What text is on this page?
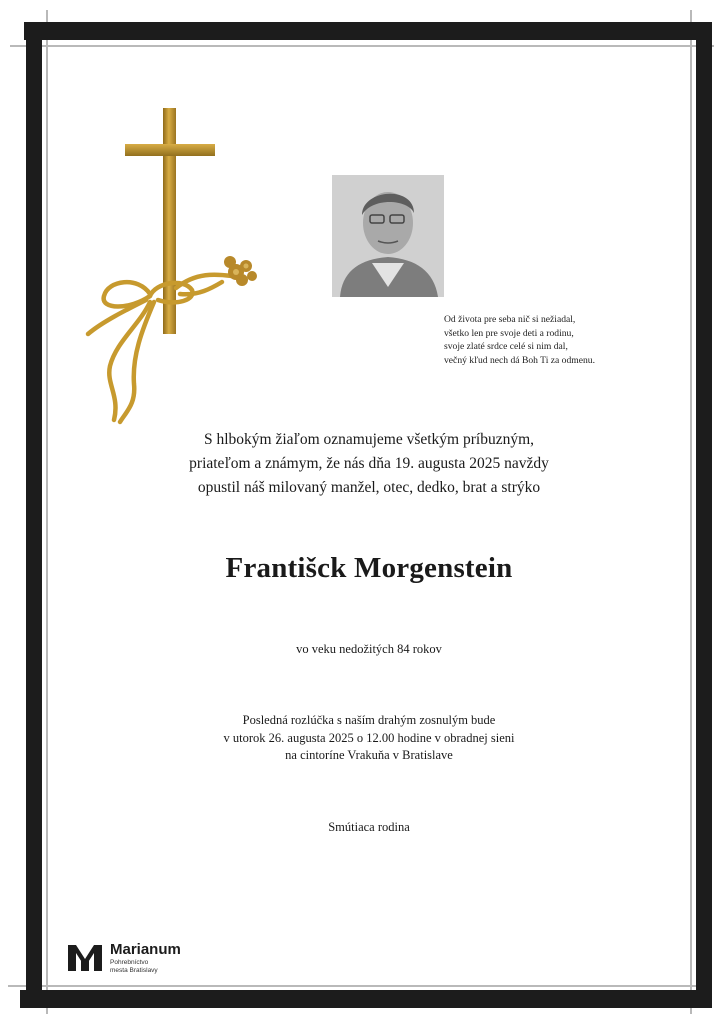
Od života pre seba nič si nežiadal,
všetko len pre svoje deti a rodinu,
svoje zlaté srdce celé si nim dal,
večný kľud nech dá Boh Ti za odmenu.
S hlbokým žiaľom oznamujeme všetkým príbuzným,
priateľom a známym, že nás dňa 19. augusta 2025 navždy
opustil náš milovaný manžel, otec, dedko, brat a strýko
Františck Morgenstein
vo veku nedožitých 84 rokov
Posledná rozlúčka s naším drahým zosnulým bude
v utorok 26. augusta 2025 o 12.00 hodine v obradnej sieni
na cintoríne Vrakuňa v Bratislave
Smútiaca rodina
Marianum
Pohrebníctvo
mesta Bratislavy
